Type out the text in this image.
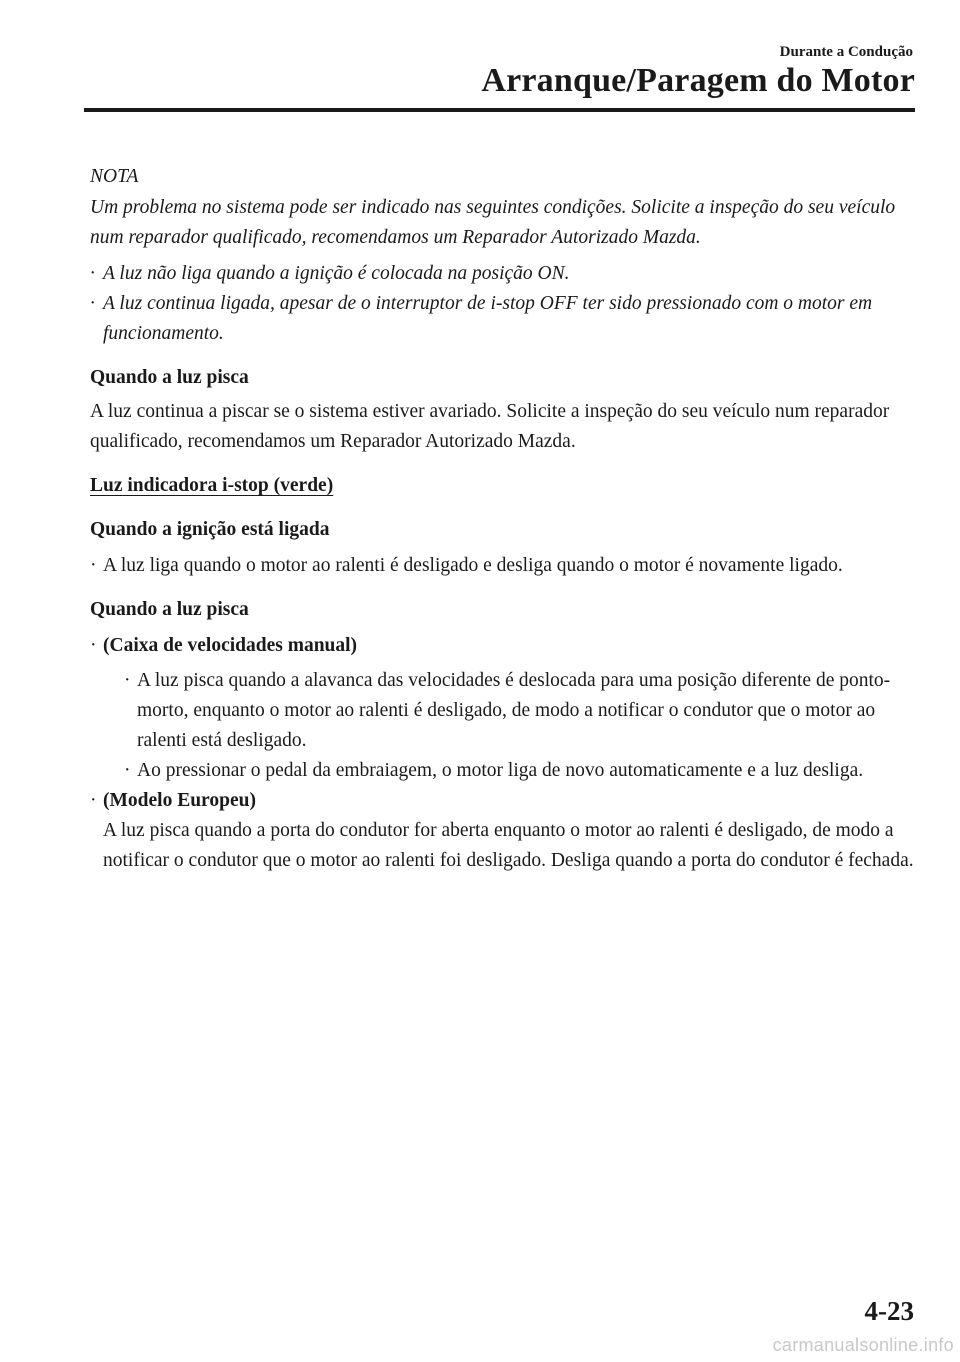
Durante a Condução
Arranque/Paragem do Motor
NOTA

Um problema no sistema pode ser indicado nas seguintes condições. Solicite a inspeção do seu veículo num reparador qualificado, recomendamos um Reparador Autorizado Mazda.

· A luz não liga quando a ignição é colocada na posição ON.
· A luz continua ligada, apesar de o interruptor de i-stop OFF ter sido pressionado com o motor em funcionamento.
Quando a luz pisca

A luz continua a piscar se o sistema estiver avariado. Solicite a inspeção do seu veículo num reparador qualificado, recomendamos um Reparador Autorizado Mazda.

Luz indicadora i-stop (verde)
Quando a ignição está ligada
· A luz liga quando o motor ao ralenti é desligado e desliga quando o motor é novamente ligado.
Quando a luz pisca
· (Caixa de velocidades manual)
· A luz pisca quando a alavanca das velocidades é deslocada para uma posição diferente de ponto-morto, enquanto o motor ao ralenti é desligado, de modo a notificar o condutor que o motor ao ralenti está desligado.
· Ao pressionar o pedal da embraiagem, o motor liga de novo automaticamente e a luz desliga.
· (Modelo Europeu)
A luz pisca quando a porta do condutor for aberta enquanto o motor ao ralenti é desligado, de modo a notificar o condutor que o motor ao ralenti foi desligado. Desliga quando a porta do condutor é fechada.
4-23
carmanualsonline.info
